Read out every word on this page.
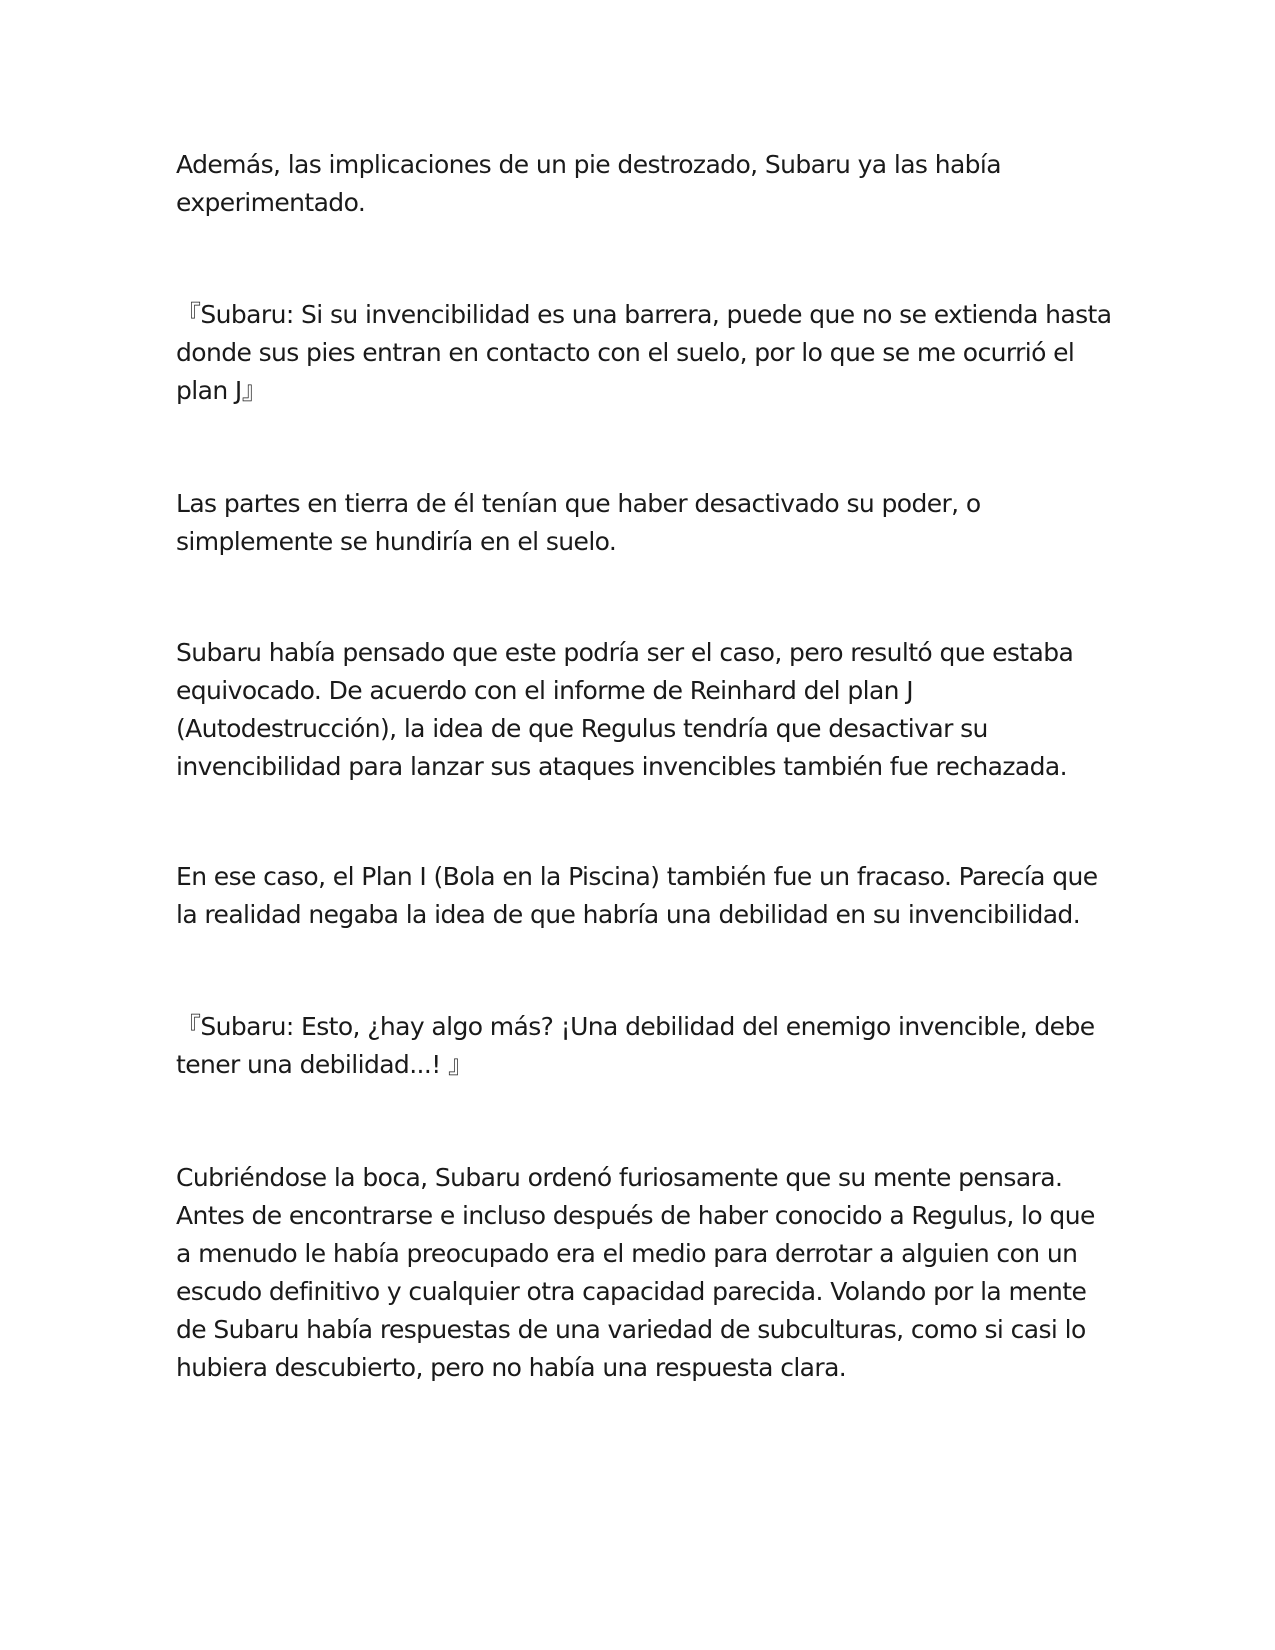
Además, las implicaciones de un pie destrozado, Subaru ya las había
experimentado.

『Subaru: Si su invencibilidad es una barrera, puede que no se extienda hasta
donde sus pies entran en contacto con el suelo, por lo que se me ocurrió el
plan J』

Las partes en tierra de él tenían que haber desactivado su poder, o
simplemente se hundiría en el suelo.

Subaru había pensado que este podría ser el caso, pero resultó que estaba
equivocado. De acuerdo con el informe de Reinhard del plan J
(Autodestrucción), la idea de que Regulus tendría que desactivar su
invencibilidad para lanzar sus ataques invencibles también fue rechazada.

En ese caso, el Plan I (Bola en la Piscina) también fue un fracaso. Parecía que
la realidad negaba la idea de que habría una debilidad en su invencibilidad.

『Subaru: Esto, ¿hay algo más? ¡Una debilidad del enemigo invencible, debe
tener una debilidad...! 』

Cubriéndose la boca, Subaru ordenó furiosamente que su mente pensara.
Antes de encontrarse e incluso después de haber conocido a Regulus, lo que
a menudo le había preocupado era el medio para derrotar a alguien con un
escudo definitivo y cualquier otra capacidad parecida. Volando por la mente
de Subaru había respuestas de una variedad de subculturas, como si casi lo
hubiera descubierto, pero no había una respuesta clara.
